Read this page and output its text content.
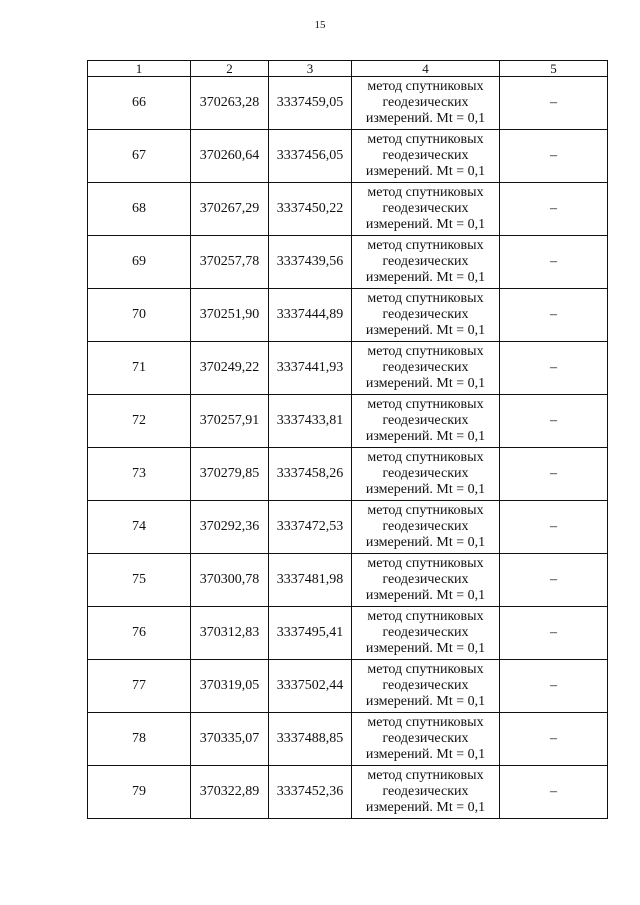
15
1	2	3	4	5
66	370263,28	3337459,05	метод спутниковых
геодезических
измерений. Mt = 0,1	–
67	370260,64	3337456,05	метод спутниковых
геодезических
измерений. Mt = 0,1	–
68	370267,29	3337450,22	метод спутниковых
геодезических
измерений. Mt = 0,1	–
69	370257,78	3337439,56	метод спутниковых
геодезических
измерений. Mt = 0,1	–
70	370251,90	3337444,89	метод спутниковых
геодезических
измерений. Mt = 0,1	–
71	370249,22	3337441,93	метод спутниковых
геодезических
измерений. Mt = 0,1	–
72	370257,91	3337433,81	метод спутниковых
геодезических
измерений. Mt = 0,1	–
73	370279,85	3337458,26	метод спутниковых
геодезических
измерений. Mt = 0,1	–
74	370292,36	3337472,53	метод спутниковых
геодезических
измерений. Mt = 0,1	–
75	370300,78	3337481,98	метод спутниковых
геодезических
измерений. Mt = 0,1	–
76	370312,83	3337495,41	метод спутниковых
геодезических
измерений. Mt = 0,1	–
77	370319,05	3337502,44	метод спутниковых
геодезических
измерений. Mt = 0,1	–
78	370335,07	3337488,85	метод спутниковых
геодезических
измерений. Mt = 0,1	–
79	370322,89	3337452,36	метод спутниковых
геодезических
измерений. Mt = 0,1	–
